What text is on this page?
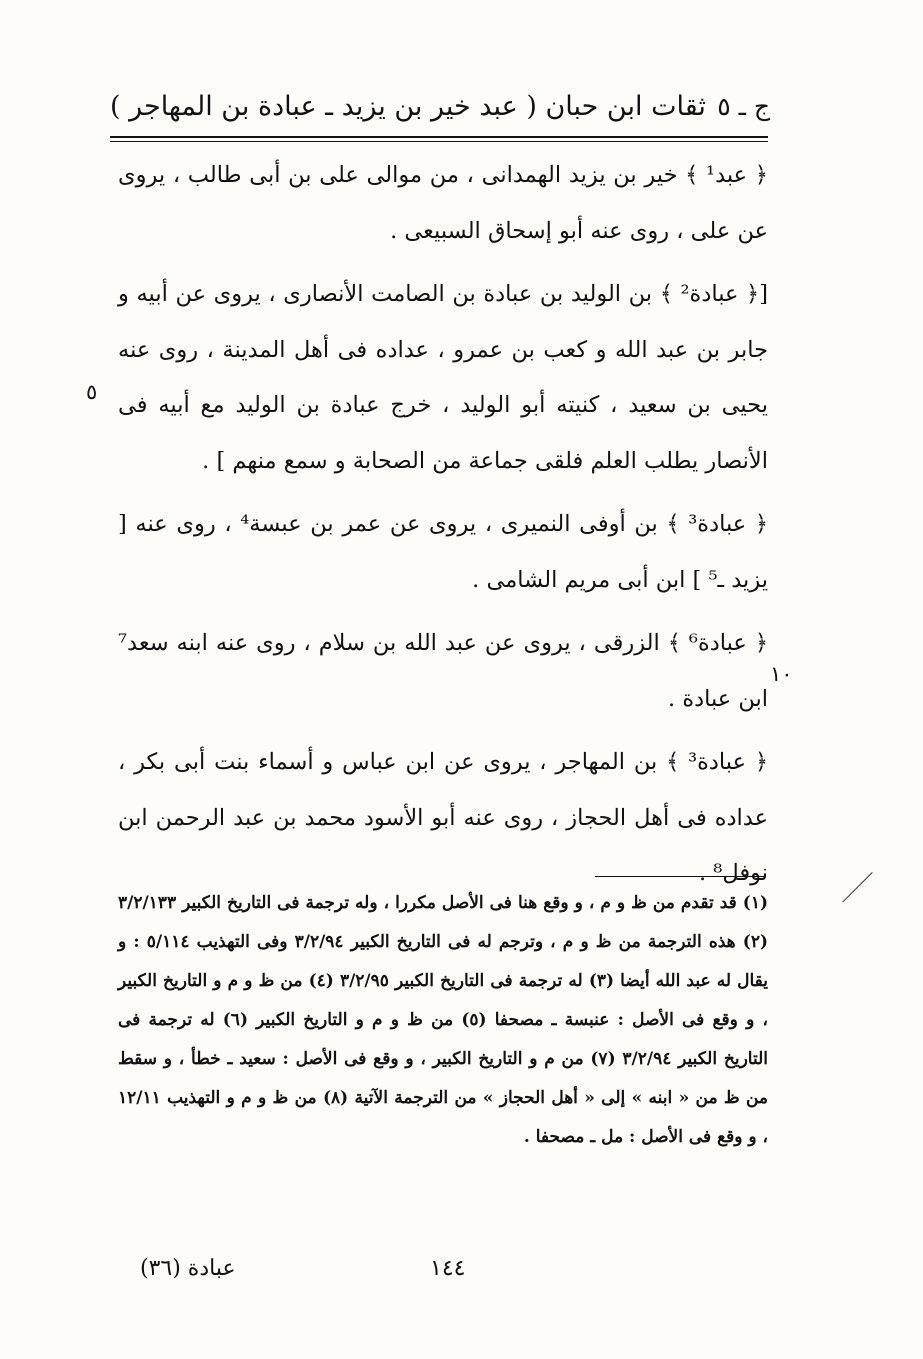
ثقات ابن حبان ( عبد خير بن يزيد ـ عبادة بن المهاجر ) ج ـ ٥

﴿ عبد¹ ﴾ خير بن يزيد الهمدانى ، من موالى على بن أبى طالب ، يروى عن على ، روى عنه أبو إسحاق السبيعى .

[﴿ عبادة² ﴾ بن الوليد بن عبادة بن الصامت الأنصارى ، يروى عن أبيه و جابر بن عبد الله و كعب بن عمرو ، عداده فى أهل المدينة ، روى عنه يحيى بن سعيد ، كنيته أبو الوليد ، خرج عبادة بن الوليد مع أبيه فى الأنصار يطلب العلم فلقى جماعة من الصحابة و سمع منهم ] .

﴿ عبادة³ ﴾ بن أوفى النميرى ، يروى عن عمر بن عبسة⁴ ، روى عنه [ يزيد ـ⁵ ] ابن أبى مريم الشامى .

﴿ عبادة⁶ ﴾ الزرقى ، يروى عن عبد الله بن سلام ، روى عنه ابنه سعد⁷ ابن عبادة .

﴿ عبادة³ ﴾ بن المهاجر ، يروى عن ابن عباس و أسماء بنت أبى بكر ، عداده فى أهل الحجاز ، روى عنه أبو الأسود محمد بن عبد الرحمن ابن نوفل⁸ .

٥
١٠
(١) قد تقدم من ظ و م ، و وقع هنا فى الأصل مكررا ، وله ترجمة فى التاريخ الكبير ٣/٢/١٣٣ (٢) هذه الترجمة من ظ و م ، وترجم له فى التاريخ الكبير ٣/٢/٩٤ وفى التهذيب ٥/١١٤ : و يقال له عبد الله أيضا (٣) له ترجمة فى التاريخ الكبير ٣/٢/٩٥ (٤) من ظ و م و التاريخ الكبير ، و وقع فى الأصل : عنبسة ـ مصحفا (٥) من ظ و م و التاريخ الكبير (٦) له ترجمة فى التاريخ الكبير ٣/٢/٩٤ (٧) من م و التاريخ الكبير ، و وقع فى الأصل : سعيد ـ خطأ ، و سقط من ظ من « ابنه » إلى « أهل الحجاز » من الترجمة الآتية (٨) من ظ و م و التهذيب ١٢/١١ ، و وقع فى الأصل : مل ـ مصحفا .
عبادة (٣٦)	١٤٤
